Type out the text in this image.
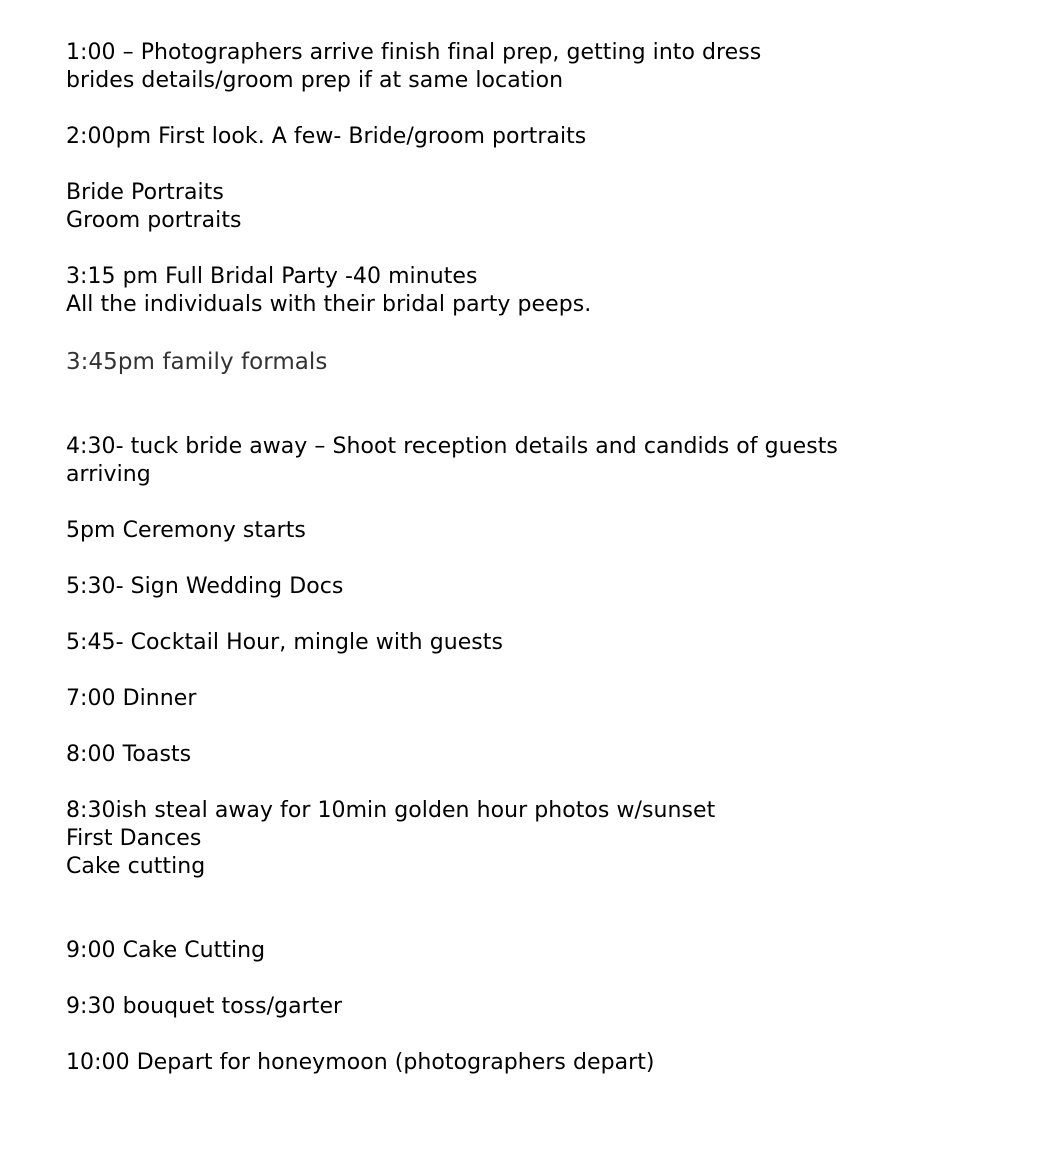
1:00 – Photographers arrive finish final prep, getting into dress

brides details/groom prep if at same location

2:00pm First look. A few- Bride/groom portraits

Bride Portraits

Groom portraits

3:15 pm Full Bridal Party -40 minutes

All the individuals with their bridal party peeps.

3:45pm family formals

4:30- tuck bride away – Shoot reception details and candids of guests

arriving

5pm Ceremony starts

5:30- Sign Wedding Docs

5:45- Cocktail Hour, mingle with guests

7:00 Dinner

8:00 Toasts

8:30ish steal away for 10min golden hour photos w/sunset

First Dances

Cake cutting

9:00 Cake Cutting

9:30 bouquet toss/garter

10:00 Depart for honeymoon (photographers depart)
